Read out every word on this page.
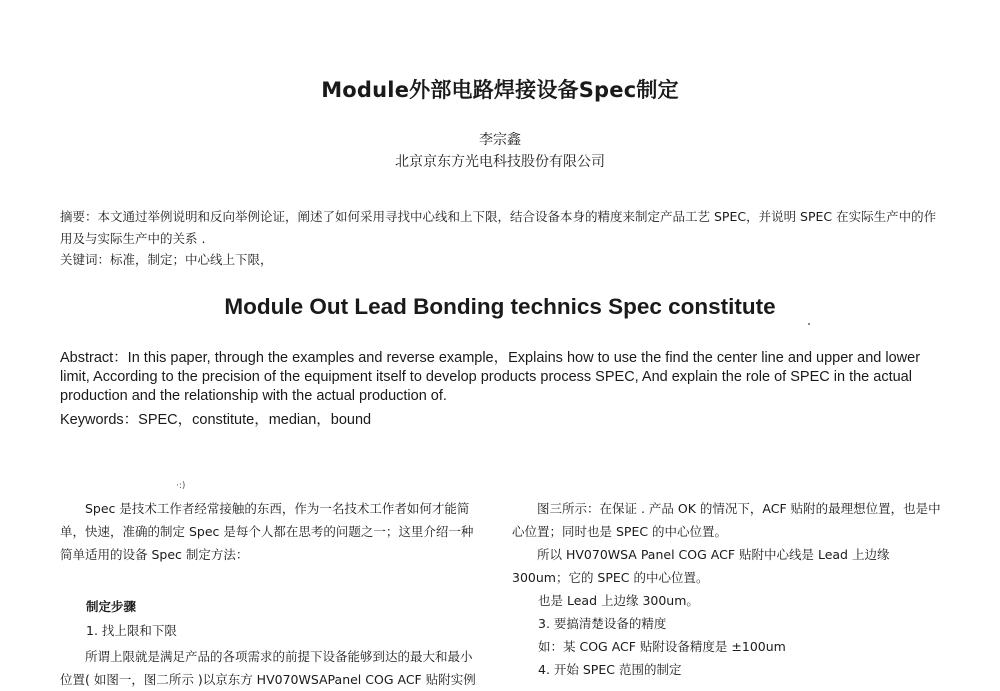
Module外部电路焊接设备Spec制定
李宗鑫
北京京东方光电科技股份有限公司
摘要：本文通过举例说明和反向举例论证，阐述了如何采用寻找中心线和上下限，结合设备本身的精度来制定产品工艺 SPEC，并说明 SPEC 在实际生产中的作用及与实际生产中的关系 .
关键词：标准，制定；中心线上下限，
Module Out Lead Bonding technics Spec constitute
Abstract：In this paper, through the examples and reverse example，Explains how to use the find the center line and upper and lower limit, According to the precision of the equipment itself to develop products process SPEC, And explain the role of SPEC in the actual production and the relationship with the actual production of.
Keywords：SPEC，constitute，median，bound
·:)

Spec 是技术工作者经常接触的东西，作为一名技术工作者如何才能简单，快速，准确的制定 Spec 是每个人都在思考的问题之一；这里介绍一种简单适用的设备 Spec 制定方法：

制定步骤
1. 找上限和下限

所谓上限就是满足产品的各项需求的前提下设备能够到达的最大和最小位置( 如图一，图二所示 )以京东方 HV070WSAPanel COG ACF 贴附实例

图三所示：在保证 . 产品 OK 的情况下，ACF 贴附的最理想位置，也是中心位置；同时也是 SPEC 的中心位置。

所以 HV070WSA Panel COG ACF 贴附中心线是 Lead 上边缘 300um；它的 SPEC 的中心位置。

也是 Lead 上边缘 300um。

3. 要搞清楚设备的精度

如：某 COG ACF 贴附设备精度是 ±100um

4. 开始 SPEC 范围的制定
